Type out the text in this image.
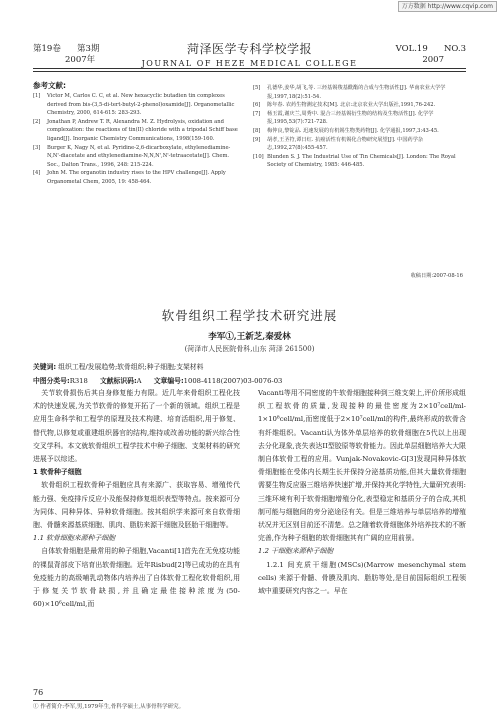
万方数据 http://www.cqvip.com
第19卷 第3期
2007年
菏泽医学专科学校学报
JOURNAL OF HEZE MEDICAL COLLEGE
VOL.19 NO.3
2007
参考文献:
[1]	Victor M, Carlos C. C, et al. New hexacyclic butadien tin complexes derived from bis-(3,5-di-tert-butyl-2-phenol)oxamide[J]. Organometallic Chemistry, 2000, 614-615: 283-293.
[2]	Jonathan P, Andrew T. R, Alexandra M. Z. Hydrolysis, oxidation and complexation: the reactions of tin(II) chloride with a tripodal Schiff base ligand[J]. Inorganic Chemistry Communications, 1998(159-160.
[3]	Burger K, Nagy N, et al. Pyridine-2,6-dicarboxylate, ethylenediamine-N,N'-diacetate and ethylenediamine-N,N,N',N'-tetraacetate[J]. Chem. Soc., Dalton Trans., 1996, 248: 215-224.
[4]	John M. The organotin industry rises to the HPV challenge[J]. Apply Organometal Chem, 2005, 19: 458-464.
[5]	孔德华,姜华,胡飞,等. 三烃基锡羧基酰酯的合成与生物活性[J]. 华南农业大学学报,1997,18(2):51-54.
[6]	陈年春. 农药生物测定技术[M]. 北京:北京农业大学出版社,1991,76-242.
[7]	杨玉霞,谢庆兰,周秀中. 混合三烃基锡衍生物的结构及生物活性[J]. 化学学报,1995,53(7):721-728.
[8]	梅仲良,黎锭品. 迅速发展的有机锡生物类药物[J]. 化学通报,1997,3:43-45.
[9]	胡孝,王圣符,谭日红. 抗癌活性有机锡化合物研究展望[J]. 中国药学杂志,1992,27(8):455-457.
[10] Blunden S. J. The Industrial Use of Tin Chemicals[J]. London: The Royal Society of Chemistry, 1985: 446-485.
收稿日期:2007-08-16
软骨组织工程学技术研究进展
李军①,王新芝,秦爱林
(菏泽市人民医院骨科,山东 菏泽 261500)
关键词: 组织工程/发展趋势;软骨组织;种子细胞;支架材料
中图分类号:R318 文献标识码:A 文章编号:1008-4118(2007)03-0076-03

关节软骨损伤后其自身修复能力有限。近几年来骨组织工程化技术的快速发展,为关节软骨的修复开拓了一个新的领域。组织工程是应用生命科学和工程学的原理及技术构建、培育活组织,用于修复、替代物,以修复或重建组织器官的结构,维持或改善功能的新兴综合性交叉学科。本文就软骨组织工程学技术中种子细胞、支架材料的研究进展予以综述。

1 软骨种子细胞

软骨组织工程软骨种子细胞应具有来源广、获取容易、增殖传代能力强、免疫排斥反应小及能保持修复组织表型等特点。按来源可分为同体、同种异体、异种软骨细胞。按其组织学来源可来自软骨细胞、骨髓来源基质细胞、肌肉、脂肪来源干细胞及胚胎干细胞等。

1.1 软骨细胞来源种子细胞

自体软骨细胞是最常用的种子细胞,Vacanti[1]首先在无免疫功能的裸鼠背部皮下培育出软骨细胞。近年Risbud[2]等已成功的在具有免疫能力的高级哺乳动物体内培养出了自体软骨工程化软骨组织,用于修复关节软骨缺损,并且确定最佳接种浓度为(50-60)×10⁶cell/ml,而

Vacanti等用不同密度的牛软骨细胞接种到三维支架上,评价所形成组织工程软骨的质量,发现接种的最佳密度为2×10⁷cell/ml-1×10⁸cell/ml,而密度低于2×10⁷cell/ml的构件,最终形成的软骨含有纤维组织。Vacanti认为体外单层培养的软骨细胞在5代以上出现去分化现象,丧失表达II型胶原等软骨能力。因此单层细胞培养大大限制自体软骨工程的应用。Vunjak-Novakovic-G[3]发现同种异体软骨细胞能在受体内长期生长并保持分泌基质功能,但其大量软骨细胞需要生物反应器三维培养快速扩增,并保持其化学特性,大量研究表明:三维环境有利于软骨细胞增殖分化,表型稳定和基质分子的合成,其机制可能与细胞间的旁分泌途径有关。但是三维培养与单层培养的增殖状况并无区别目前还不清楚。总之随着软骨细胞体外培养技术的不断完善,作为种子细胞的软骨细胞其有广阔的应用前景。

1.2 干细胞来源种子细胞

1.2.1 间充质干细胞(MSCs)(Marrow mesenchymal stem cells) 来源于骨髓、骨膜及肌肉、脂肪等处,是目前国际组织工程领域中重要研究内容之一。早在

76
① 作者简介:李军,男,1979年生,骨科学硕士,从事骨科学研究。
